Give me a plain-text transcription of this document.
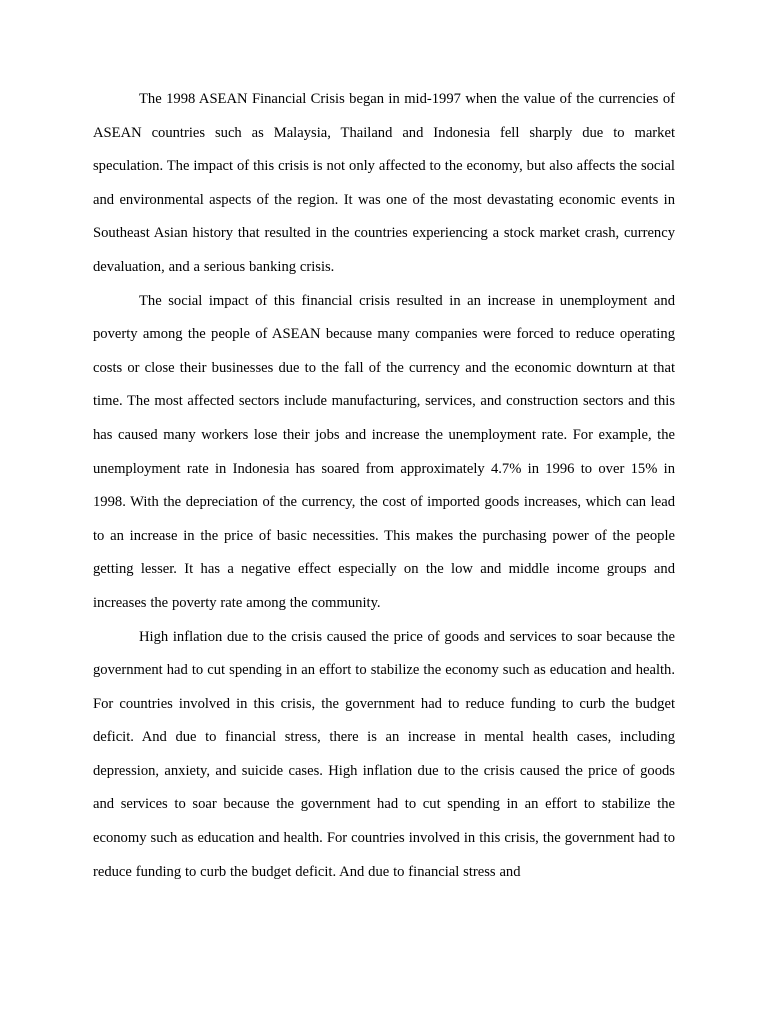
The 1998 ASEAN Financial Crisis began in mid-1997 when the value of the currencies of ASEAN countries such as Malaysia, Thailand and Indonesia fell sharply due to market speculation. The impact of this crisis is not only affected to the economy, but also affects the social and environmental aspects of the region. It was one of the most devastating economic events in Southeast Asian history that resulted in the countries experiencing a stock market crash, currency devaluation, and a serious banking crisis.

The social impact of this financial crisis resulted in an increase in unemployment and poverty among the people of ASEAN because many companies were forced to reduce operating costs or close their businesses due to the fall of the currency and the economic downturn at that time. The most affected sectors include manufacturing, services, and construction sectors and this has caused many workers lose their jobs and increase the unemployment rate. For example, the unemployment rate in Indonesia has soared from approximately 4.7% in 1996 to over 15% in 1998. With the depreciation of the currency, the cost of imported goods increases, which can lead to an increase in the price of basic necessities. This makes the purchasing power of the people getting lesser. It has a negative effect especially on the low and middle income groups and increases the poverty rate among the community.

High inflation due to the crisis caused the price of goods and services to soar because the government had to cut spending in an effort to stabilize the economy such as education and health. For countries involved in this crisis, the government had to reduce funding to curb the budget deficit. And due to financial stress, there is an increase in mental health cases, including depression, anxiety, and suicide cases. High inflation due to the crisis caused the price of goods and services to soar because the government had to cut spending in an effort to stabilize the economy such as education and health. For countries involved in this crisis, the government had to reduce funding to curb the budget deficit. And due to financial stress and
